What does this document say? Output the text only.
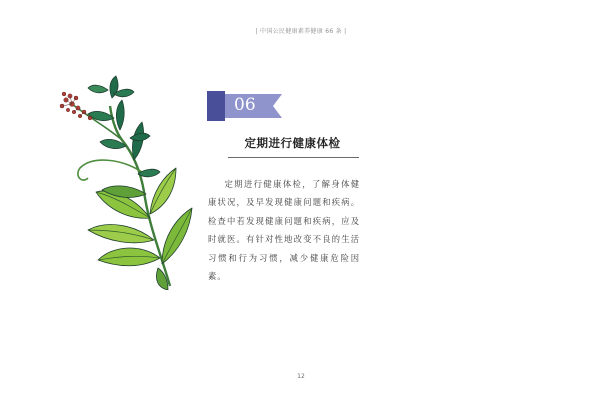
| 中国公民健康素养健康 66 条 |
06
定期进行健康体检
定期进行健康体检，了解身体健康状况，及早发现健康问题和疾病。检查中若发现健康问题和疾病，应及时就医。有针对性地改变不良的生活习惯和行为习惯，减少健康危险因素。
12
